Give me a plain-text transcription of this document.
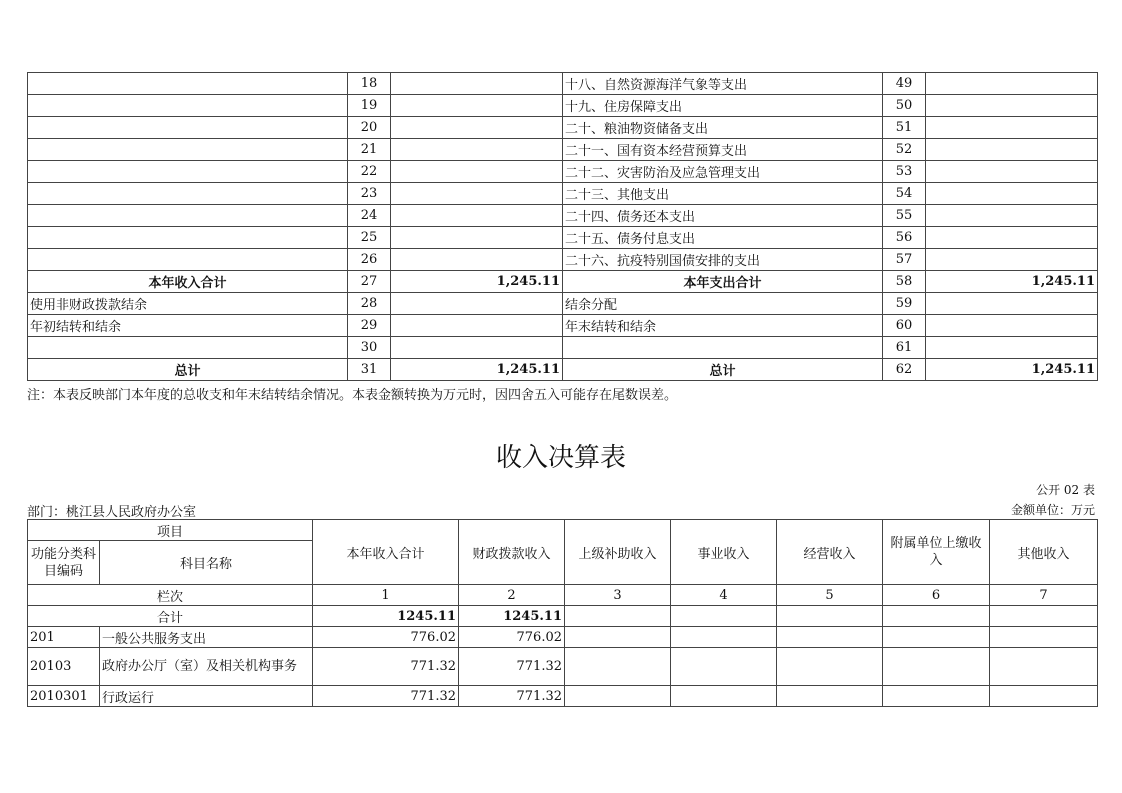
	18		十八、自然资源海洋气象等支出	49	
	19		十九、住房保障支出	50	
	20		二十、粮油物资储备支出	51	
	21		二十一、国有资本经营预算支出	52	
	22		二十二、灾害防治及应急管理支出	53	
	23		二十三、其他支出	54	
	24		二十四、债务还本支出	55	
	25		二十五、债务付息支出	56	
	26		二十六、抗疫特别国债安排的支出	57	
本年收入合计	27	1,245.11	本年支出合计	58	1,245.11
使用非财政拨款结余	28		结余分配	59	
年初结转和结余	29		年末结转和结余	60	
	30			61	
总计	31	1,245.11	总计	62	1,245.11
注：本表反映部门本年度的总收支和年末结转结余情况。本表金额转换为万元时，因四舍五入可能存在尾数误差。
收入决算表
公开 02 表
部门：桃江县人民政府办公室	金额单位：万元
项目		本年收入合计	财政拨款收入	上级补助收入	事业收入	经营收入	附属单位上缴收入	其他收入
功能分类科目编码	科目名称							
栏次		1	2	3	4	5	6	7
合计		1245.11	1245.11					
201	一般公共服务支出	776.02	776.02					
20103	政府办公厅（室）及相关机构事务	771.32	771.32					
2010301	行政运行	771.32	771.32					
